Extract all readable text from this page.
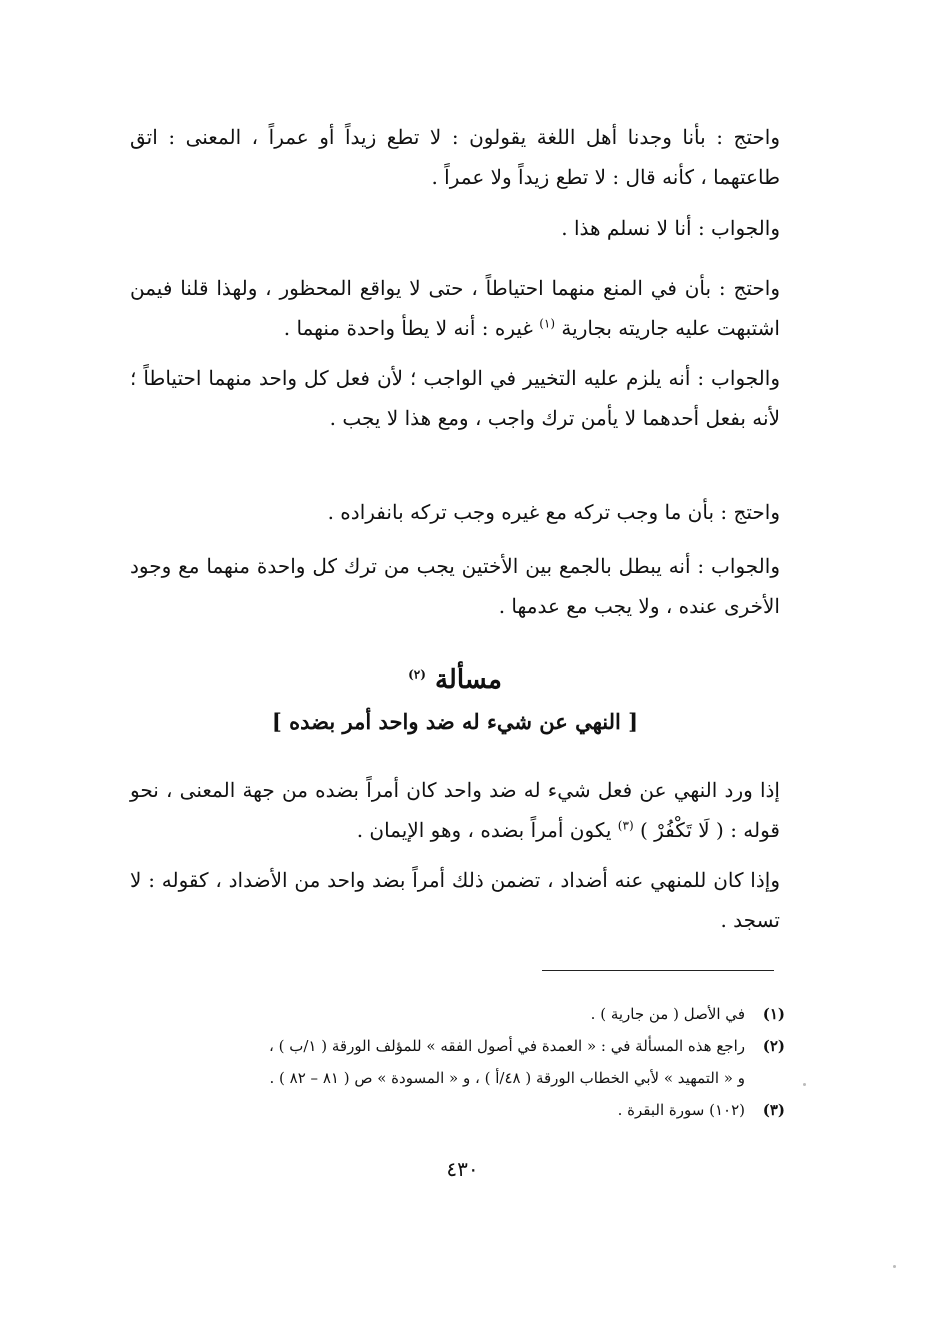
واحتج : بأنا وجدنا أهل اللغة يقولون : لا تطع زيداً أو عمراً ، المعنى : اتق طاعتهما ، كأنه قال : لا تطع زيداً ولا عمراً .

والجواب : أنا لا نسلم هذا .

واحتج : بأن في المنع منهما احتياطاً ، حتى لا يواقع المحظور ، ولهذا قلنا فيمن اشتبهت عليه جاريته بجارية $^{(١)}$ غيره : أنه لا يطأ واحدة منهما .

والجواب : أنه يلزم عليه التخيير في الواجب ؛ لأن فعل كل واحد منهما احتياطاً ؛ لأنه بفعل أحدهما لا يأمن ترك واجب ، ومع هذا لا يجب .

واحتج : بأن ما وجب تركه مع غيره وجب تركه بانفراده .

والجواب : أنه يبطل بالجمع بين الأختين يجب من ترك كل واحدة منهما مع وجود الأخرى عنده ، ولا يجب مع عدمها .

مسألة $^{(٢)}$
[ النهي عن شيء له ضد واحد أمر بضده ]

إذا ورد النهي عن فعل شيء له ضد واحد كان أمراً بضده من جهة المعنى ، نحو قوله : ( لَا تَكْفُرْ ) $^{(٣)}$ يكون أمراً بضده ، وهو الإيمان .

وإذا كان للمنهي عنه أضداد ، تضمن ذلك أمراً بضد واحد من الأضداد ، كقوله : لا تسجد .

(١)في الأصل ( من جارية ) .

(٢)راجع هذه المسألة في : « العمدة في أصول الفقه » للمؤلف الورقة ( ١/ب ) ،

و « التمهيد » لأبي الخطاب الورقة ( ٤٨/أ ) ، و « المسودة » ص ( ٨١ – ٨٢ ) .

(٣)(١٠٢) سورة البقرة .

٤٣٠
